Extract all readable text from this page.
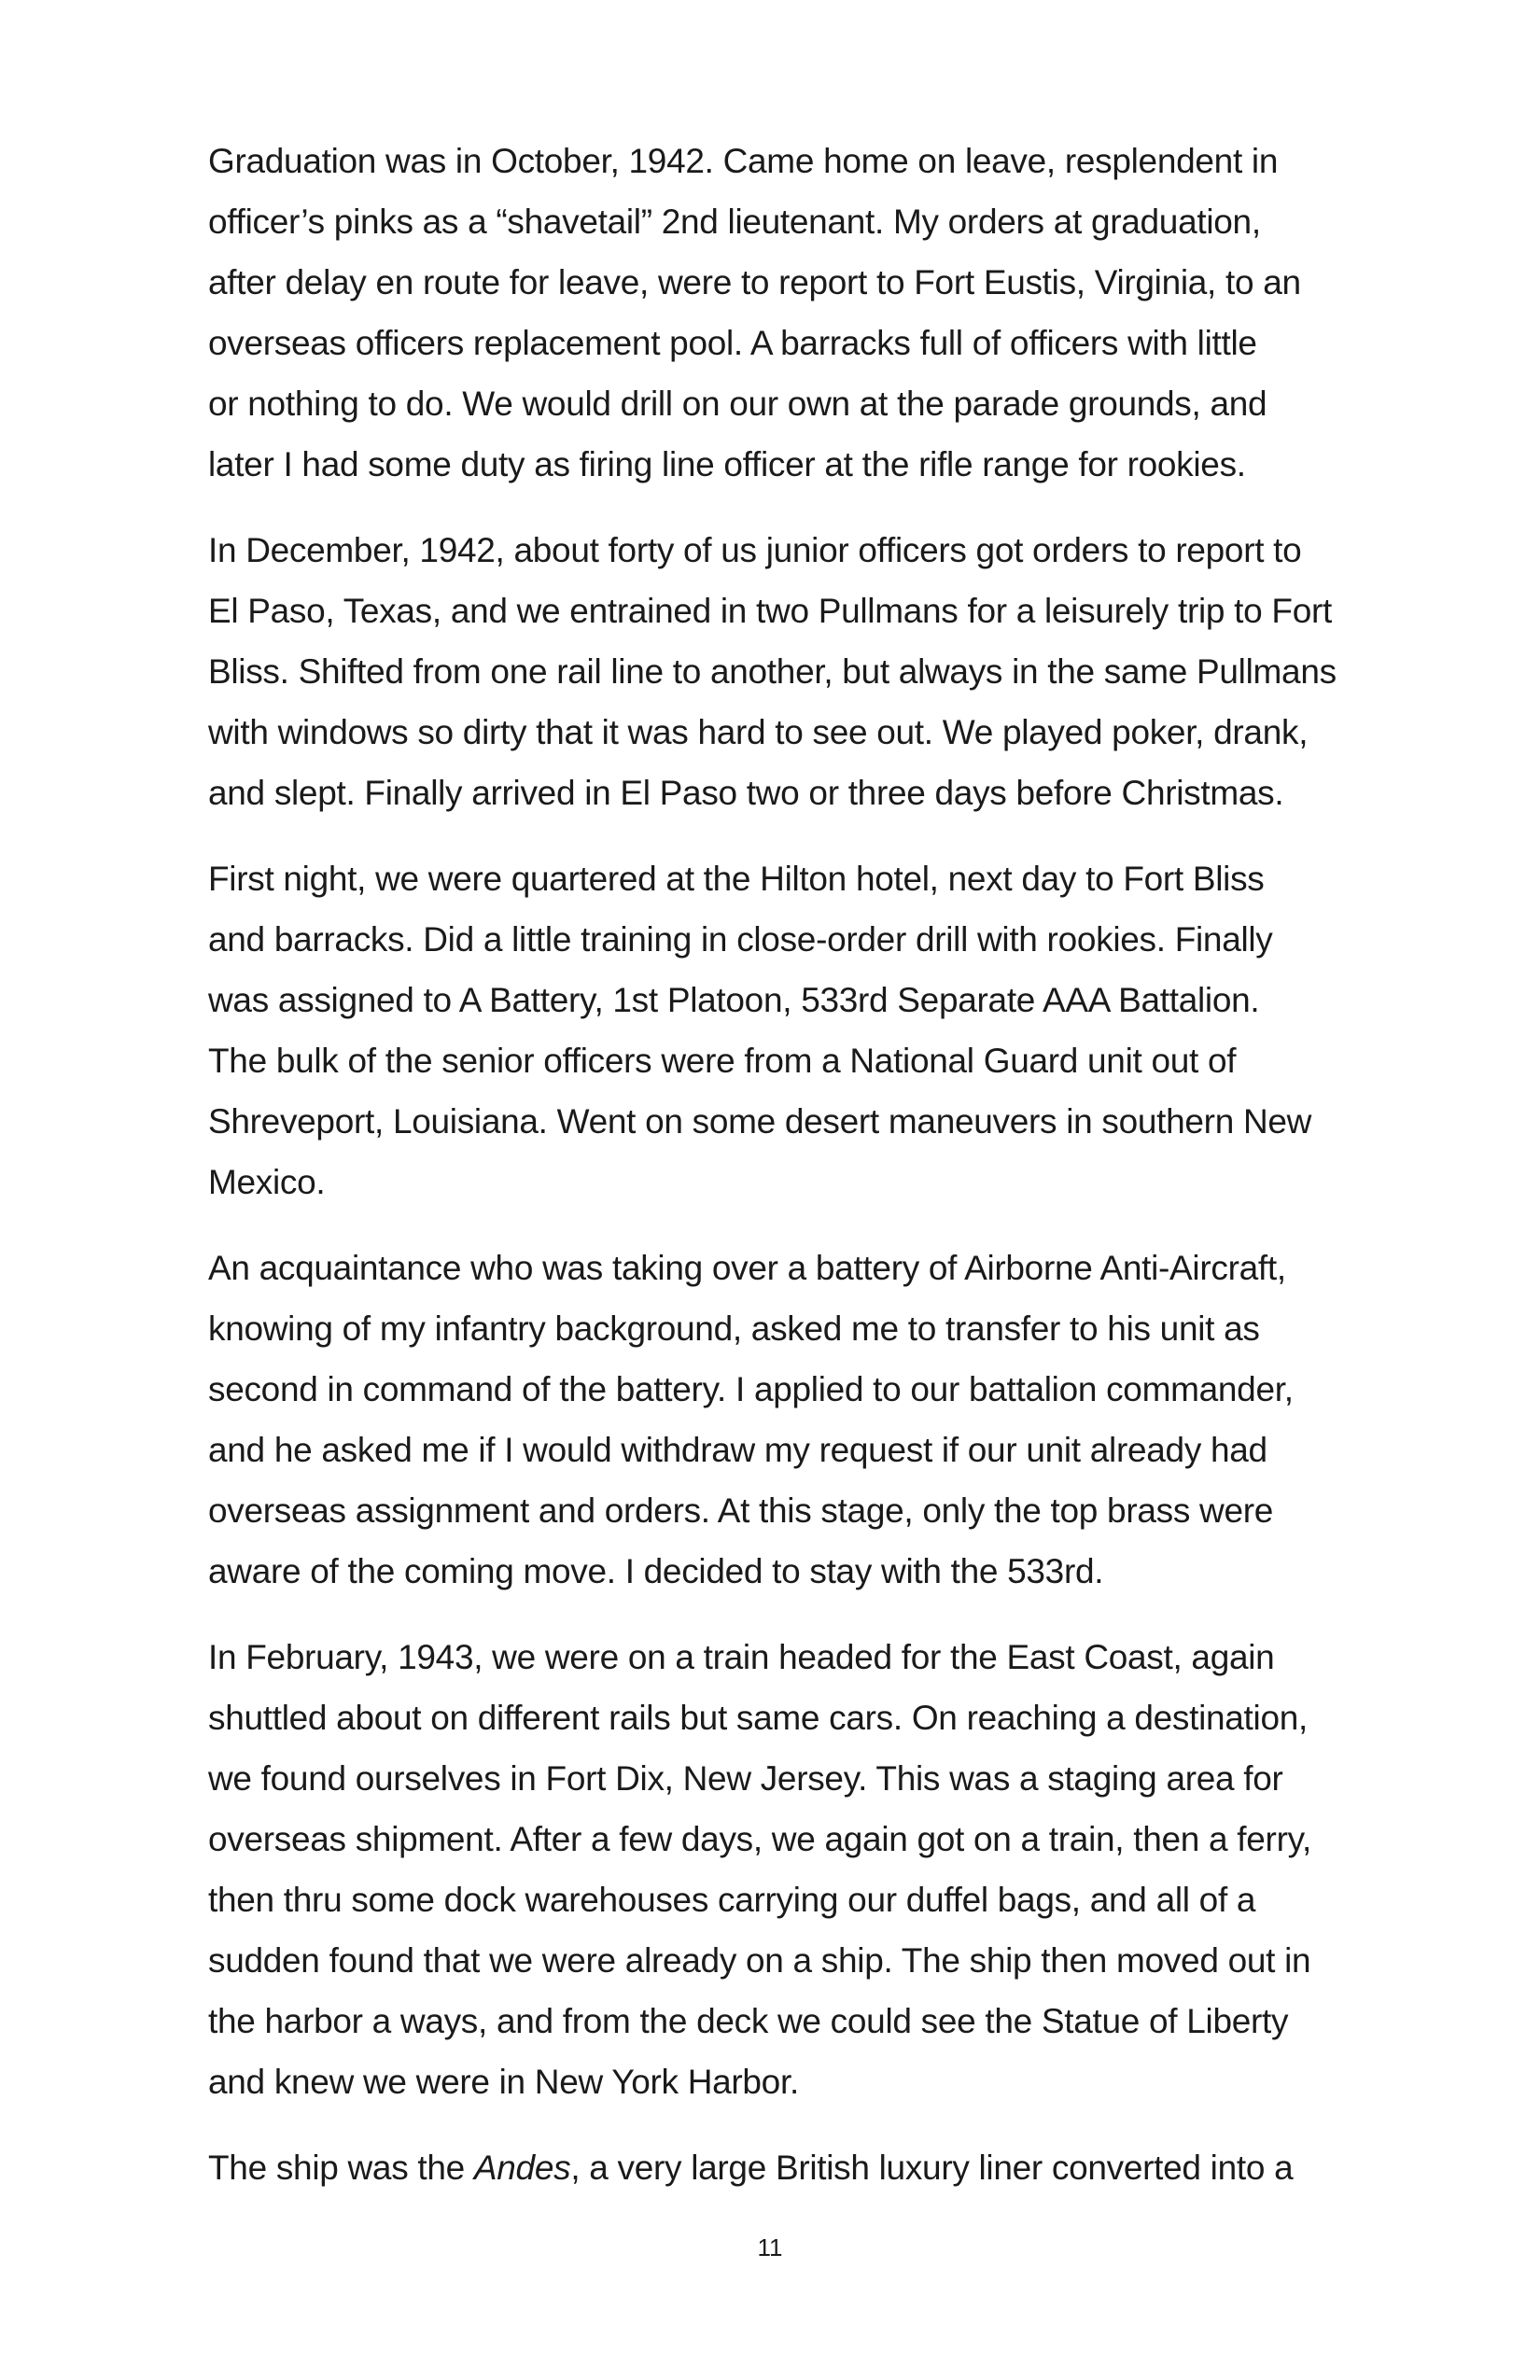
Graduation was in October, 1942. Came home on leave, resplendent in
officer’s pinks as a “shavetail” 2nd lieutenant. My orders at graduation,
after delay en route for leave, were to report to Fort Eustis, Virginia, to an
overseas officers replacement pool. A barracks full of officers with little
or nothing to do. We would drill on our own at the parade grounds, and
later I had some duty as firing line officer at the rifle range for rookies.

In December, 1942, about forty of us junior officers got orders to report to
El Paso, Texas, and we entrained in two Pullmans for a leisurely trip to Fort
Bliss. Shifted from one rail line to another, but always in the same Pullmans
with windows so dirty that it was hard to see out. We played poker, drank,
and slept. Finally arrived in El Paso two or three days before Christmas.

First night, we were quartered at the Hilton hotel, next day to Fort Bliss
and barracks. Did a little training in close-order drill with rookies. Finally
was assigned to A Battery, 1st Platoon, 533rd Separate AAA Battalion.
The bulk of the senior officers were from a National Guard unit out of
Shreveport, Louisiana. Went on some desert maneuvers in southern New
Mexico.

An acquaintance who was taking over a battery of Airborne Anti-Aircraft,
knowing of my infantry background, asked me to transfer to his unit as
second in command of the battery. I applied to our battalion commander,
and he asked me if I would withdraw my request if our unit already had
overseas assignment and orders. At this stage, only the top brass were
aware of the coming move. I decided to stay with the 533rd.

In February, 1943, we were on a train headed for the East Coast, again
shuttled about on different rails but same cars. On reaching a destination,
we found ourselves in Fort Dix, New Jersey. This was a staging area for
overseas shipment. After a few days, we again got on a train, then a ferry,
then thru some dock warehouses carrying our duffel bags, and all of a
sudden found that we were already on a ship. The ship then moved out in
the harbor a ways, and from the deck we could see the Statue of Liberty
and knew we were in New York Harbor.

The ship was the Andes, a very large British luxury liner converted into a

11
